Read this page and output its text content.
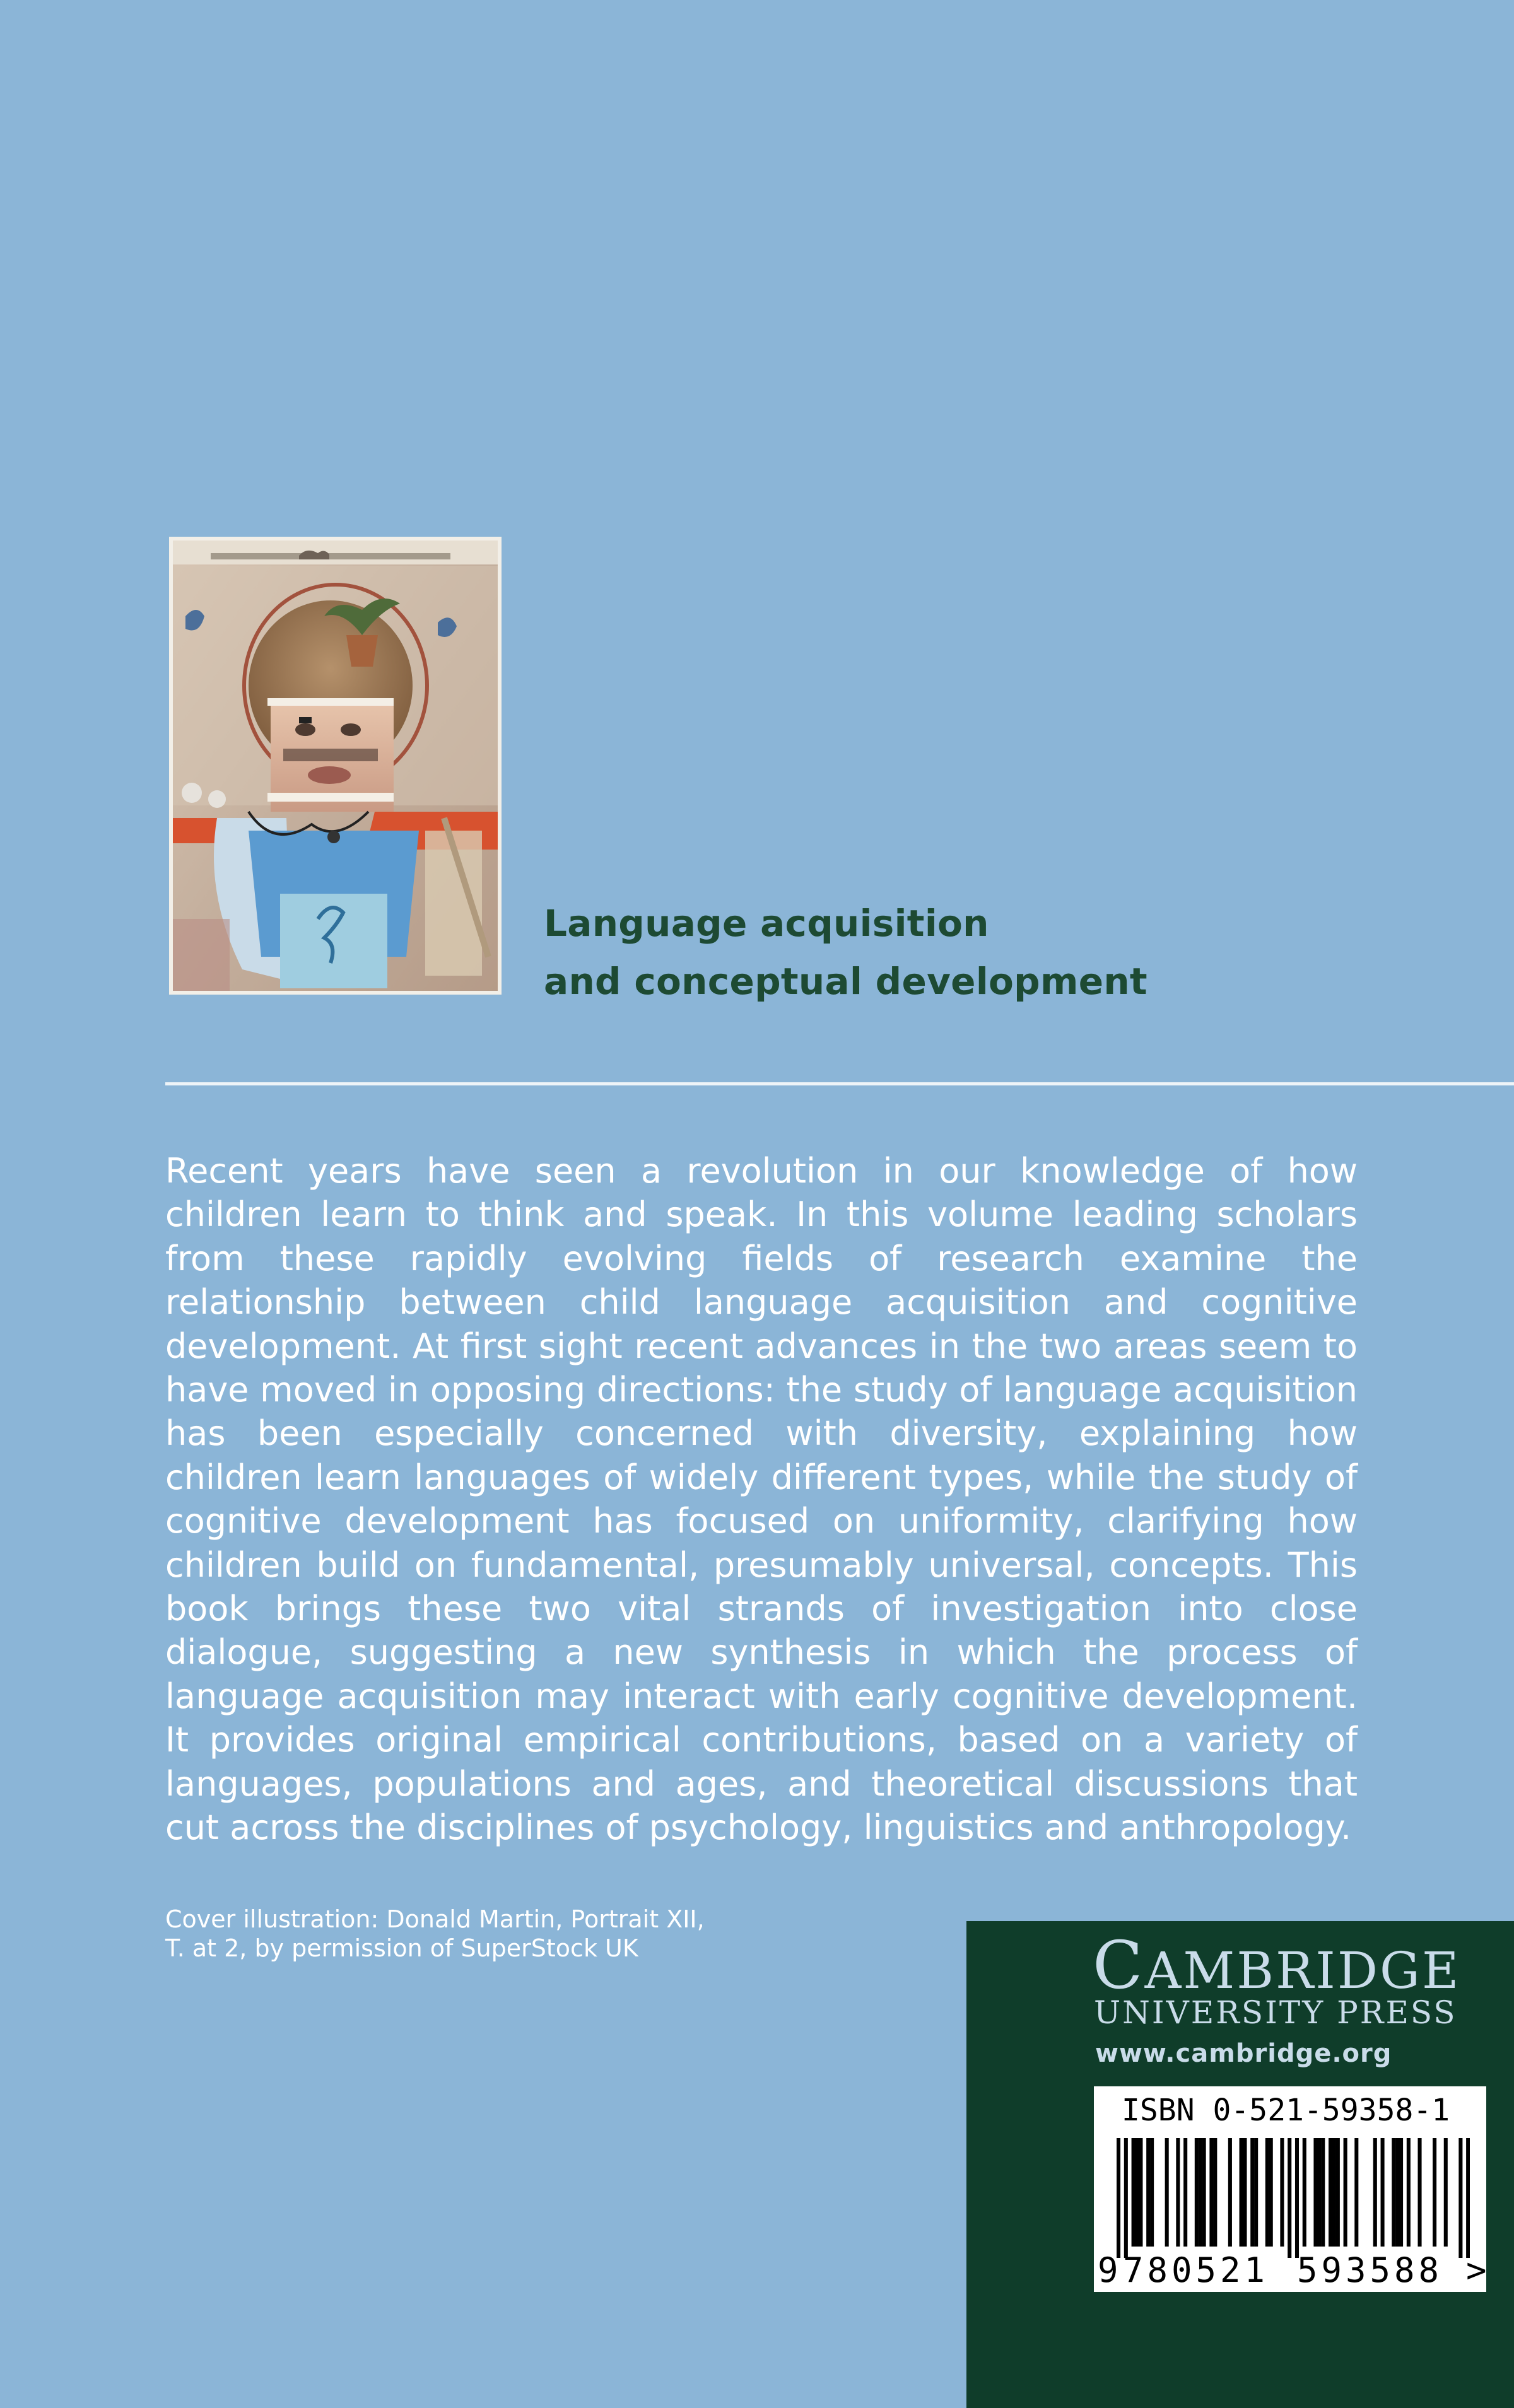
Language acquisition
and conceptual development

Recent years have seen a revolution in our knowledge of how children learn to think and speak. In this volume leading scholars from these rapidly evolving fields of research examine the relationship between child language acquisition and cognitive development. At first sight recent advances in the two areas seem to have moved in opposing directions: the study of language acquisition has been especially concerned with diversity, explaining how children learn languages of widely different types, while the study of cognitive development has focused on uniformity, clarifying how children build on fundamental, presumably universal, concepts. This book brings these two vital strands of investigation into close dialogue, suggesting a new synthesis in which the process of language acquisition may interact with early cognitive development. It provides original empirical contributions, based on a variety of languages, populations and ages, and theoretical discussions that cut across the disciplines of psychology, linguistics and anthropology.

Cover illustration: Donald Martin, Portrait XII,
T. at 2, by permission of SuperStock UK	CAMBRIDGE
UNIVERSITY PRESS
www.cambridge.org
ISBN 0-521-59358-1
9 780521 593588 >
